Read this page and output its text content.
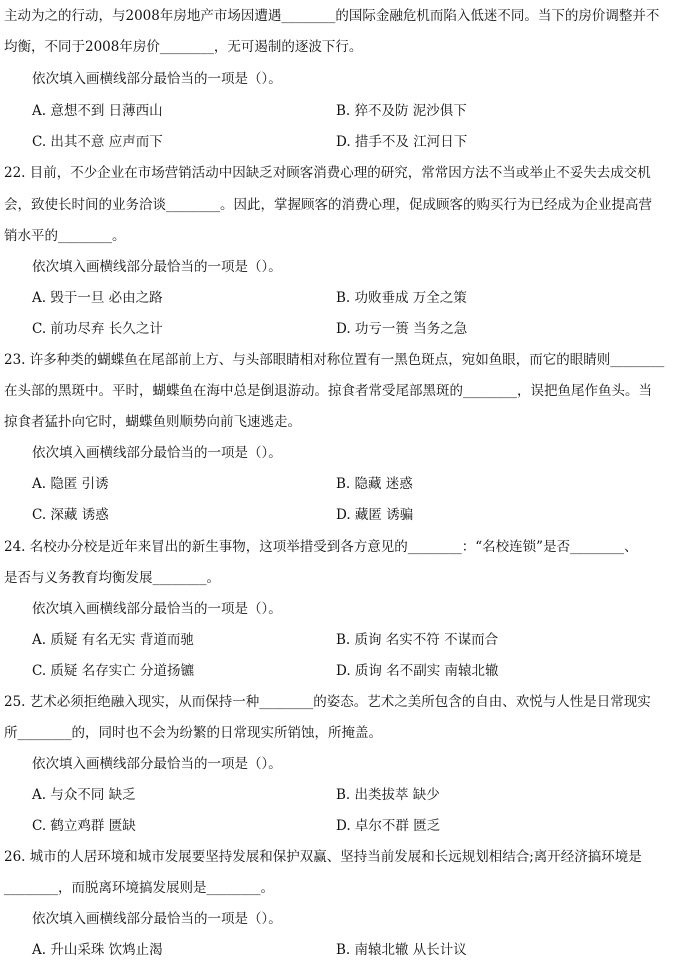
主动为之的行动，与2008年房地产市场因遭遇________的国际金融危机而陷入低迷不同。当下的房价调整并不
均衡，不同于2008年房价________，无可遏制的逐波下行。
依次填入画横线部分最恰当的一项是（）。
A. 意想不到 日薄西山	B. 猝不及防 泥沙俱下
C. 出其不意 应声而下	D. 措手不及 江河日下
22. 目前，不少企业在市场营销活动中因缺乏对顾客消费心理的研究，常常因方法不当或举止不妥失去成交机
会，致使长时间的业务洽谈________。因此，掌握顾客的消费心理，促成顾客的购买行为已经成为企业提高营
销水平的________。
依次填入画横线部分最恰当的一项是（）。
A. 毁于一旦 必由之路	B. 功败垂成 万全之策
C. 前功尽弃 长久之计	D. 功亏一篑 当务之急
23. 许多种类的蝴蝶鱼在尾部前上方、与头部眼睛相对称位置有一黑色斑点，宛如鱼眼，而它的眼睛则________
在头部的黑斑中。平时，蝴蝶鱼在海中总是倒退游动。掠食者常受尾部黑斑的________，误把鱼尾作鱼头。当
掠食者猛扑向它时，蝴蝶鱼则顺势向前飞速逃走。
依次填入画横线部分最恰当的一项是（）。
A. 隐匿 引诱	B. 隐藏 迷惑
C. 深藏 诱惑	D. 藏匿 诱骗
24. 名校办分校是近年来冒出的新生事物，这项举措受到各方意见的________：“名校连锁”是否________、
是否与义务教育均衡发展________。
依次填入画横线部分最恰当的一项是（）。
A. 质疑 有名无实 背道而驰	B. 质询 名实不符 不谋而合
C. 质疑 名存实亡 分道扬镳	D. 质询 名不副实 南辕北辙
25. 艺术必须拒绝融入现实，从而保持一种________的姿态。艺术之美所包含的自由、欢悦与人性是日常现实
所________的，同时也不会为纷繁的日常现实所销蚀，所掩盖。
依次填入画横线部分最恰当的一项是（）。
A. 与众不同 缺乏	B. 出类拔萃 缺少
C. 鹤立鸡群 匮缺	D. 卓尔不群 匮乏
26. 城市的人居环境和城市发展要坚持发展和保护双赢、坚持当前发展和长远规划相结合;离开经济搞环境是
________，而脱离环境搞发展则是________。
依次填入画横线部分最恰当的一项是（）。
A. 升山采珠 饮鸩止渴	B. 南辕北辙 从长计议
